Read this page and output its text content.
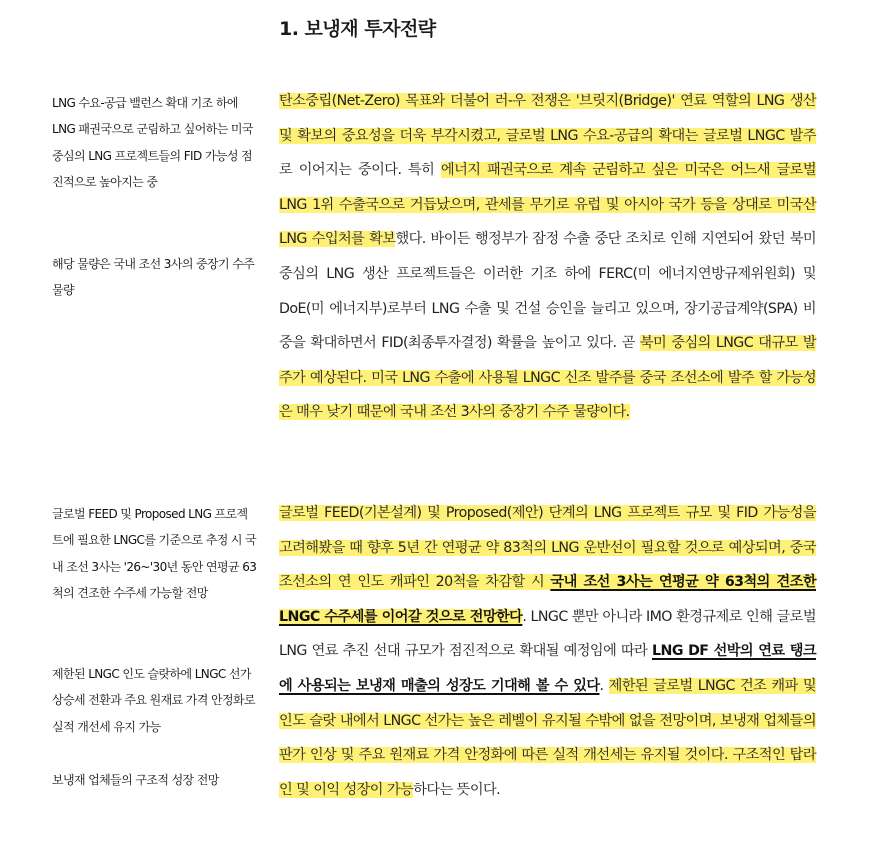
1. 보냉재 투자전략

LNG 수요-공급 밸런스 확대 기조 하에 LNG 패권국으로 군림하고 싶어하는 미국 중심의 LNG 프로젝트들의 FID 가능성 점진적으로 높아지는 중

해당 물량은 국내 조선 3사의 중장기 수주 물량

글로벌 FEED 및 Proposed LNG 프로젝트에 필요한 LNGC를 기준으로 추정 시 국내 조선 3사는 '26~'30년 동안 연평균 63척의 견조한 수주세 가능할 전망

제한된 LNGC 인도 슬랏하에 LNGC 선가 상승세 전환과 주요 원재료 가격 안정화로 실적 개선세 유지 가능

보냉재 업체들의 구조적 성장 전망

탄소중립(Net-Zero) 목표와 더불어 러-우 전쟁은 '브릿지(Bridge)' 연료 역할의 LNG 생산 및 확보의 중요성을 더욱 부각시켰고, 글로벌 LNG 수요-공급의 확대는 글로벌 LNGC 발주로 이어지는 중이다. 특히 에너지 패권국으로 계속 군림하고 싶은 미국은 어느새 글로벌 LNG 1위 수출국으로 거듭났으며, 관세를 무기로 유럽 및 아시아 국가 등을 상대로 미국산 LNG 수입처를 확보했다. 바이든 행정부가 잠정 수출 중단 조치로 인해 지연되어 왔던 북미 중심의 LNG 생산 프로젝트들은 이러한 기조 하에 FERC(미 에너지연방규제위원회) 및 DoE(미 에너지부)로부터 LNG 수출 및 건설 승인을 늘리고 있으며, 장기공급계약(SPA) 비중을 확대하면서 FID(최종투자결정) 확률을 높이고 있다. 곧 북미 중심의 LNGC 대규모 발주가 예상된다. 미국 LNG 수출에 사용될 LNGC 신조 발주를 중국 조선소에 발주 할 가능성은 매우 낮기 때문에 국내 조선 3사의 중장기 수주 물량이다.

글로벌 FEED(기본설계) 및 Proposed(제안) 단계의 LNG 프로젝트 규모 및 FID 가능성을 고려해봤을 때 향후 5년 간 연평균 약 83척의 LNG 운반선이 필요할 것으로 예상되며, 중국 조선소의 연 인도 캐파인 20척을 차감할 시 국내 조선 3사는 연평균 약 63척의 견조한 LNGC 수주세를 이어갈 것으로 전망한다. LNGC 뿐만 아니라 IMO 환경규제로 인해 글로벌 LNG 연료 추진 선대 규모가 점진적으로 확대될 예정임에 따라 LNG DF 선박의 연료 탱크에 사용되는 보냉재 매출의 성장도 기대해 볼 수 있다. 제한된 글로벌 LNGC 건조 캐파 및 인도 슬랏 내에서 LNGC 선가는 높은 레벨이 유지될 수밖에 없을 전망이며, 보냉재 업체들의 판가 인상 및 주요 원재료 가격 안정화에 따른 실적 개선세는 유지될 것이다. 구조적인 탑라인 및 이익 성장이 가능하다는 뜻이다.
